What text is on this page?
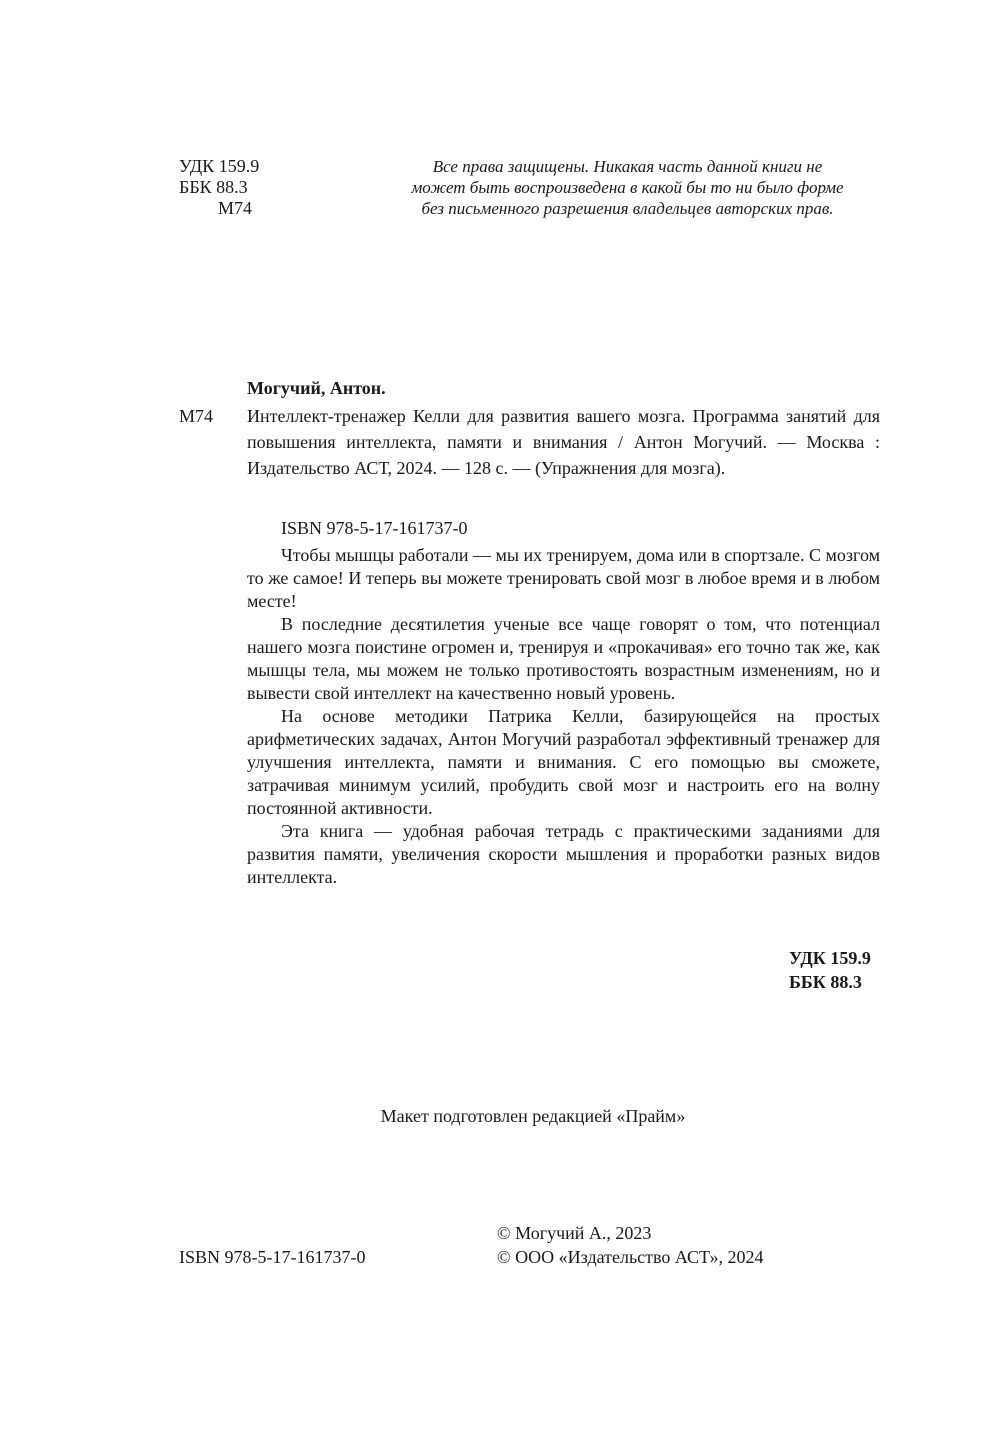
УДК 159.9
ББК 88.3
М74
Все права защищены. Никакая часть данной книги не может быть воспроизведена в какой бы то ни было форме без письменного разрешения владельцев авторских прав.
Могучий, Антон.
М74 Интеллект-тренажер Келли для развития вашего мозга. Программа занятий для повышения интеллекта, памяти и внимания / Антон Могучий. — Москва : Издательство АСТ, 2024. — 128 с. — (Упражнения для мозга).
ISBN 978-5-17-161737-0

Чтобы мышцы работали — мы их тренируем, дома или в спортзале. С мозгом то же самое! И теперь вы можете тренировать свой мозг в любое время и в любом месте!

В последние десятилетия ученые все чаще говорят о том, что потенциал нашего мозга поистине огромен и, тренируя и «прокачивая» его точно так же, как мышцы тела, мы можем не только противостоять возрастным изменениям, но и вывести свой интеллект на качественно новый уровень.

На основе методики Патрика Келли, базирующейся на простых арифметических задачах, Антон Могучий разработал эффективный тренажер для улучшения интеллекта, памяти и внимания. С его помощью вы сможете, затрачивая минимум усилий, пробудить свой мозг и настроить его на волну постоянной активности.

Эта книга — удобная рабочая тетрадь с практическими заданиями для развития памяти, увеличения скорости мышления и проработки разных видов интеллекта.

УДК 159.9
ББК 88.3
Макет подготовлен редакцией «Прайм»
© Могучий А., 2023
© ООО «Издательство АСТ», 2024
ISBN 978-5-17-161737-0
